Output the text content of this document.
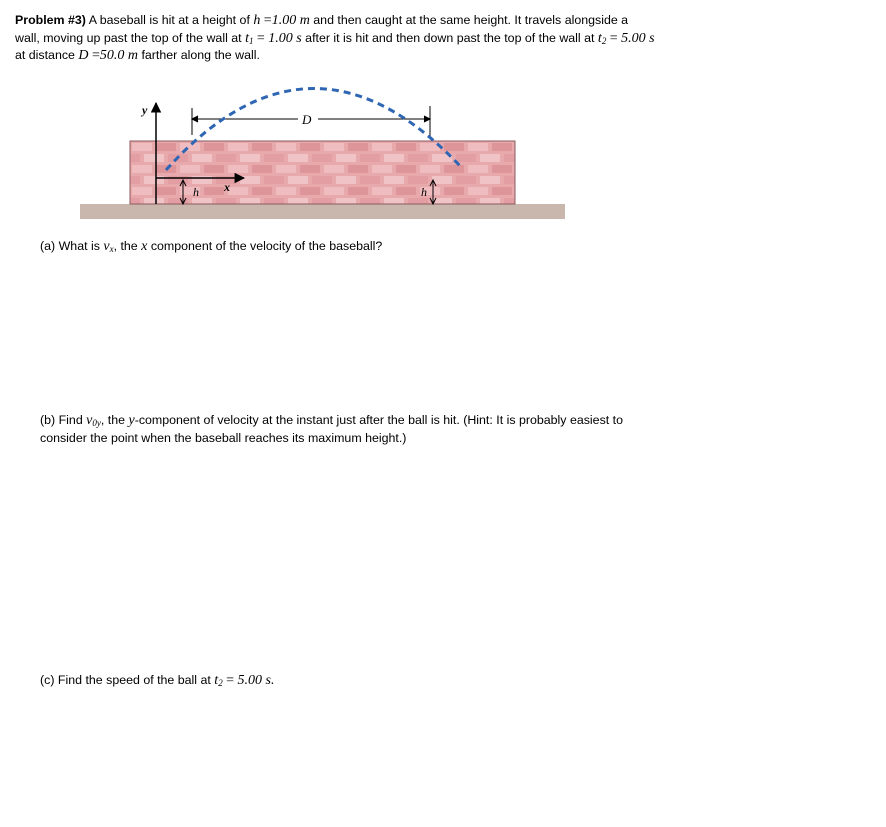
Problem #3) A baseball is hit at a height of h =1.00 m and then caught at the same height. It travels alongside a wall, moving up past the top of the wall at $t_1 = 1.00$ s after it is hit and then down past the top of the wall at $t_2 = 5.00$ s at distance D =50.0 m farther along the wall.
y
x
h	h
D
(a) What is $v_x$, the x component of the velocity of the baseball?
(b) Find $v_{0y}$, the y-component of velocity at the instant just after the ball is hit. (Hint: It is probably easiest to consider the point when the baseball reaches its maximum height.)
(c) Find the speed of the ball at $t_2 = 5.00$ s.
